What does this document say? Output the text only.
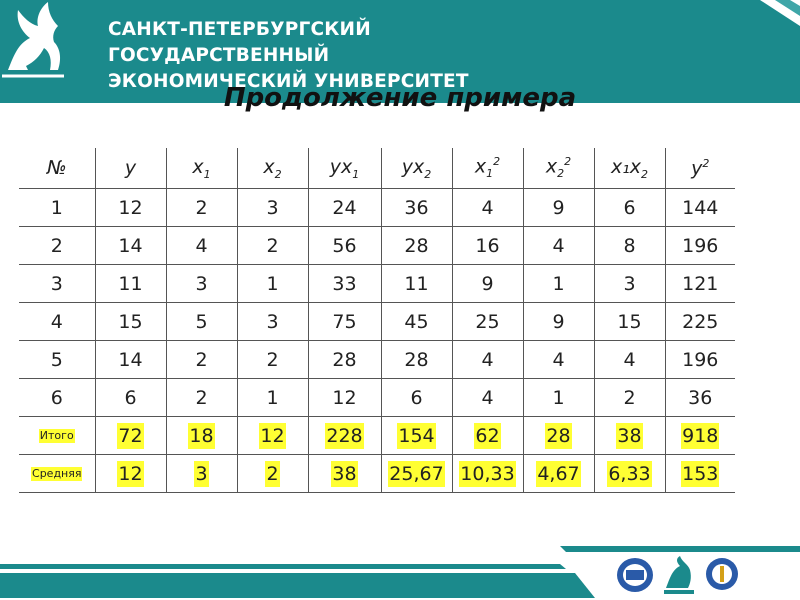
САНКТ-ПЕТЕРБУРГСКИЙ
ГОСУДАРСТВЕННЫЙ
ЭКОНОМИЧЕСКИЙ УНИВЕРСИТЕТ
Продолжение примера
№	y	$x_1$	$x_2$	$yx_1$	$yx_2$	$x_1^2$	$x_2^2$	$x_1x_2$	$y^2$
1	12	2	3	24	36	4	9	6	144
2	14	4	2	56	28	16	4	8	196
3	11	3	1	33	11	9	1	3	121
4	15	5	3	75	45	25	9	15	225
5	14	2	2	28	28	4	4	4	196
6	6	2	1	12	6	4	1	2	36
Итого	72	18	12	228	154	62	28	38	918
Средняя	12	3	2	38	25,67	10,33	4,67	6,33	153
